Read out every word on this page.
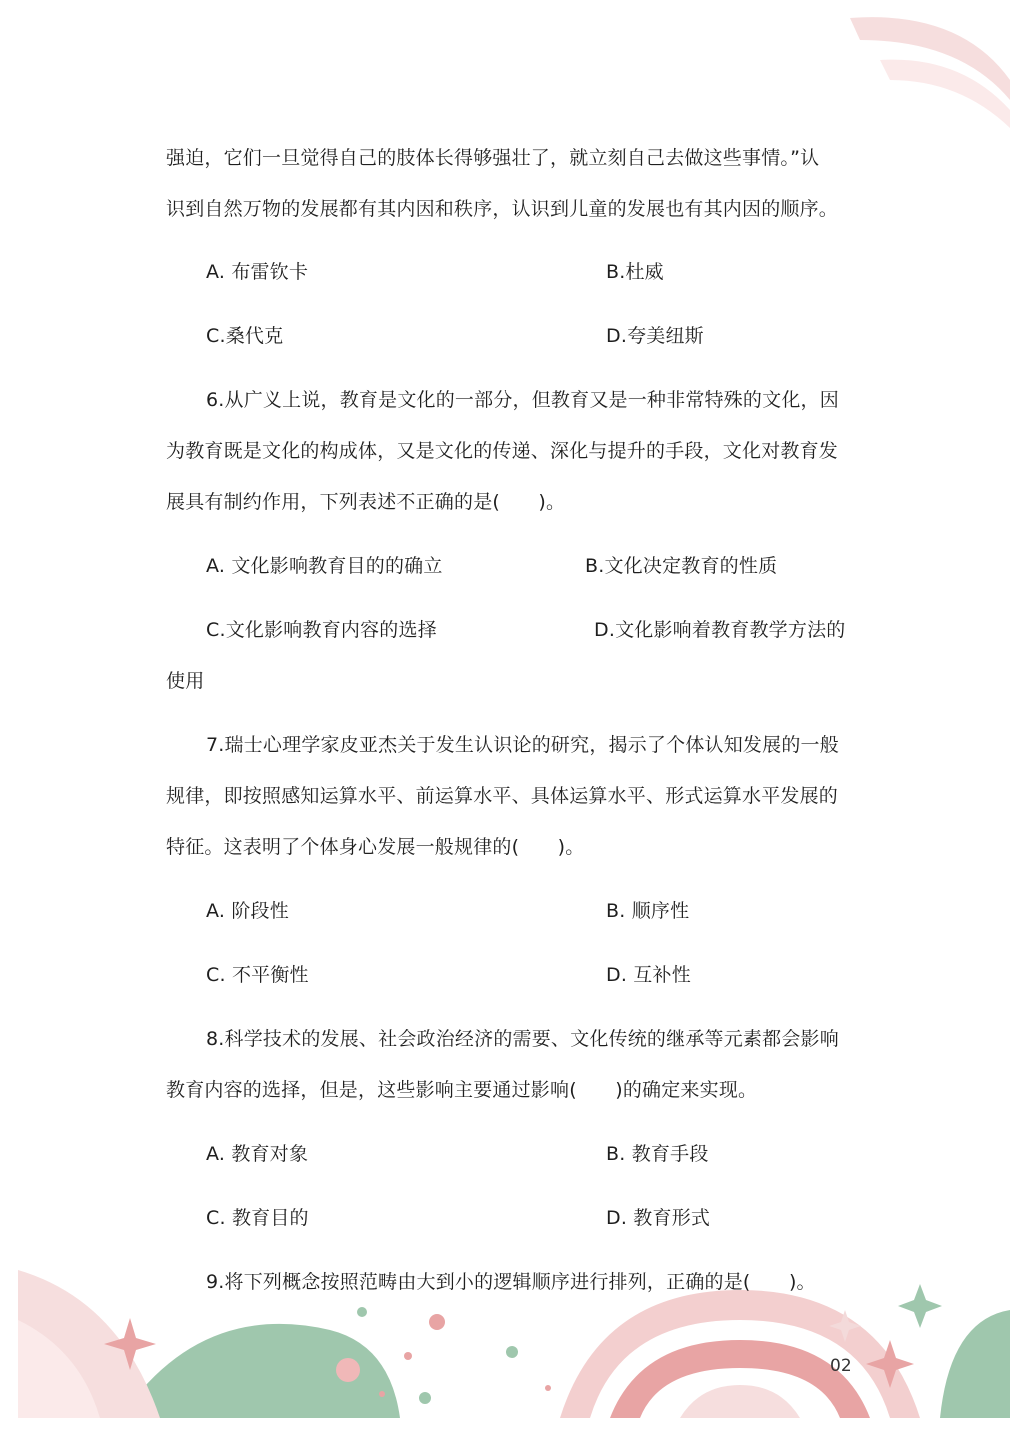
强迫，它们一旦觉得自己的肢体长得够强壮了，就立刻自己去做这些事情。”认
识到自然万物的发展都有其内因和秩序，认识到儿童的发展也有其内因的顺序。
A. 布雷钦卡	B.杜威
C.桑代克	D.夸美纽斯
6.从广义上说，教育是文化的一部分，但教育又是一种非常特殊的文化，因
为教育既是文化的构成体，又是文化的传递、深化与提升的手段，文化对教育发
展具有制约作用，下列表述不正确的是(　　)。
A. 文化影响教育目的的确立	B.文化决定教育的性质
C.文化影响教育内容的选择	D.文化影响着教育教学方法的
使用
7.瑞士心理学家皮亚杰关于发生认识论的研究，揭示了个体认知发展的一般
规律，即按照感知运算水平、前运算水平、具体运算水平、形式运算水平发展的
特征。这表明了个体身心发展一般规律的(　　)。
A. 阶段性	B. 顺序性
C. 不平衡性	D. 互补性
8.科学技术的发展、社会政治经济的需要、文化传统的继承等元素都会影响
教育内容的选择，但是，这些影响主要通过影响(　　)的确定来实现。
A. 教育对象	B. 教育手段
C. 教育目的	D. 教育形式
9.将下列概念按照范畴由大到小的逻辑顺序进行排列，正确的是(　　)。
02
